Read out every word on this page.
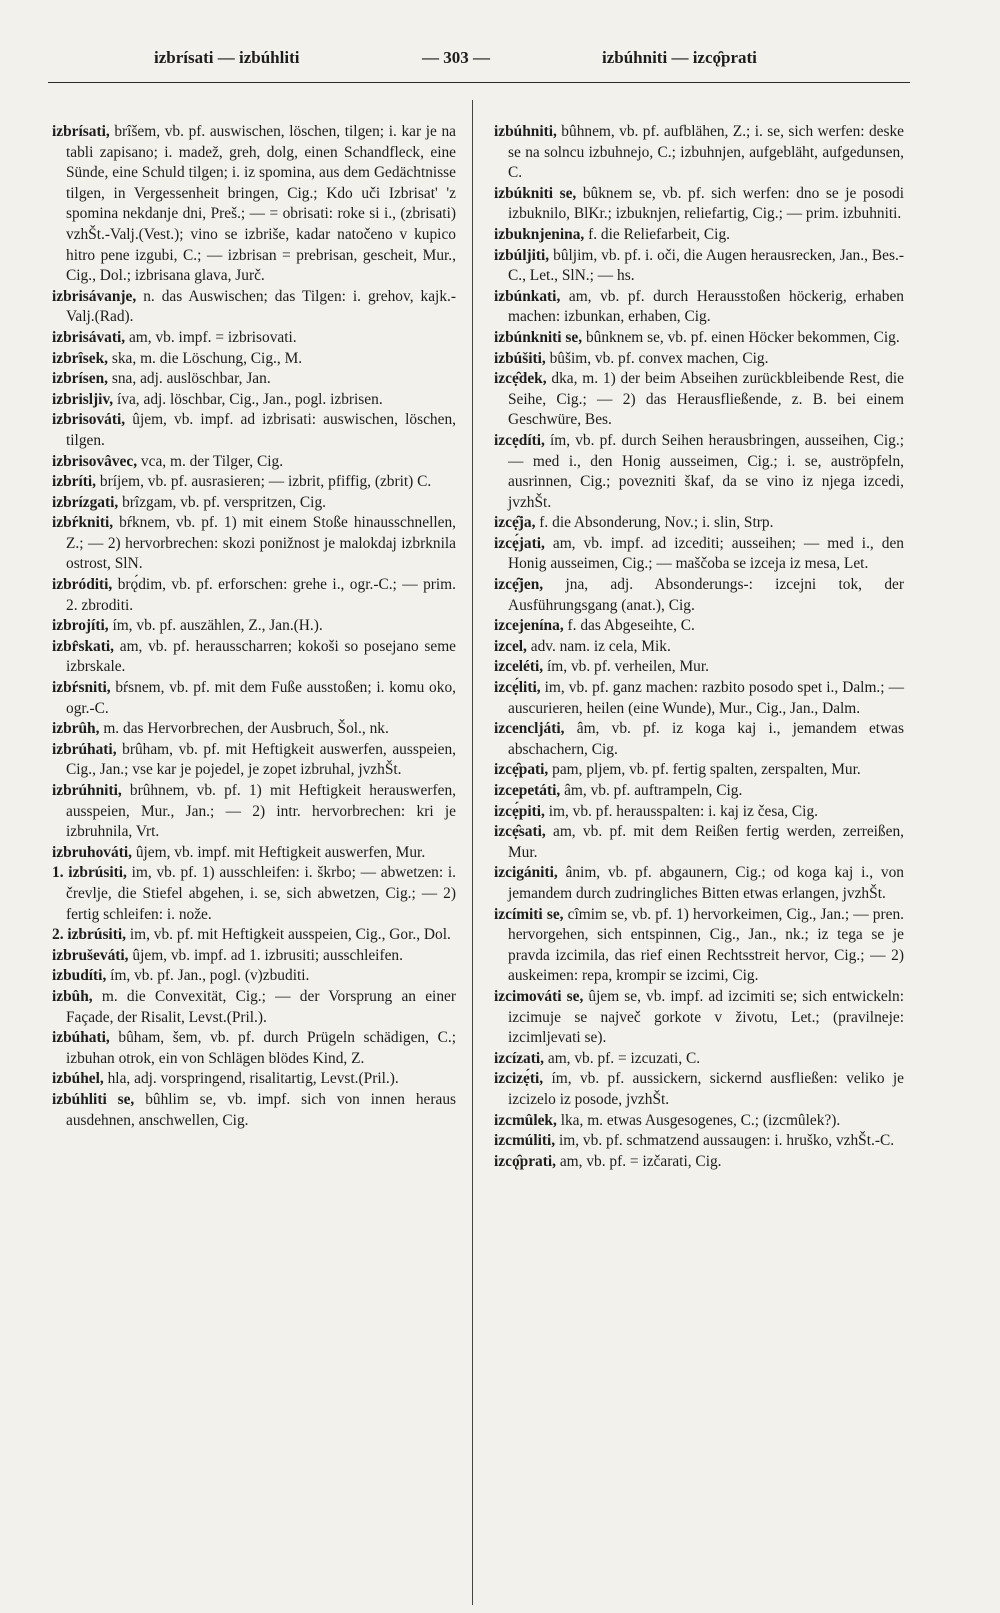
izbrísati — izbúhliti	— 303 —	izbúhniti — izcǫ̑prati

izbrísati, brîšem, vb. pf. auswischen, löschen, tilgen; i. kar je na tabli zapisano; i. madež, greh, dolg, einen Schandfleck, eine Sünde, eine Schuld tilgen; i. iz spomina, aus dem Gedächtnisse tilgen, in Vergessenheit bringen, Cig.; Kdo uči Izbrisat' 'z spomina nekdanje dni, Preš.; — = obrisati: roke si i., (zbrisati) vzhŠt.-Valj.(Vest.); vino se izbriše, kadar natočeno v kupico hitro pene izgubi, C.; — izbrisan = prebrisan, gescheit, Mur., Cig., Dol.; izbrisana glava, Jurč.

izbrisávanje, n. das Auswischen; das Tilgen: i. grehov, kajk.-Valj.(Rad).

izbrisávati, am, vb. impf. = izbrisovati.

izbrîsek, ska, m. die Löschung, Cig., M.

izbrísen, sna, adj. auslöschbar, Jan.

izbrisljiv, íva, adj. löschbar, Cig., Jan., pogl. izbrisen.

izbrisováti, ûjem, vb. impf. ad izbrisati: auswischen, löschen, tilgen.

izbrisovâvec, vca, m. der Tilger, Cig.

izbríti, bríjem, vb. pf. ausrasieren; — izbrit, pfiffig, (zbrit) C.

izbrízgati, brîzgam, vb. pf. verspritzen, Cig.

izbŕkniti, bŕknem, vb. pf. 1) mit einem Stoße hinausschnellen, Z.; — 2) hervorbrechen: skozi ponižnost je malokdaj izbrknila ostrost, SlN.

izbróditi, brǫ́dim, vb. pf. erforschen: grehe i., ogr.-C.; — prim. 2. zbroditi.

izbrojíti, ím, vb. pf. auszählen, Z., Jan.(H.).

izbr̂skati, am, vb. pf. herausscharren; kokoši so posejano seme izbrskale.

izbŕsniti, bŕsnem, vb. pf. mit dem Fuße ausstoßen; i. komu oko, ogr.-C.

izbrûh, m. das Hervorbrechen, der Ausbruch, Šol., nk.

izbrúhati, brûham, vb. pf. mit Heftigkeit auswerfen, ausspeien, Cig., Jan.; vse kar je pojedel, je zopet izbruhal, jvzhŠt.

izbrúhniti, brûhnem, vb. pf. 1) mit Heftigkeit herauswerfen, ausspeien, Mur., Jan.; — 2) intr. hervorbrechen: kri je izbruhnila, Vrt.

izbruhováti, ûjem, vb. impf. mit Heftigkeit auswerfen, Mur.

1. izbrúsiti, im, vb. pf. 1) ausschleifen: i. škrbo; — abwetzen: i. črevlje, die Stiefel abgehen, i. se, sich abwetzen, Cig.; — 2) fertig schleifen: i. nože.

2. izbrúsiti, im, vb. pf. mit Heftigkeit ausspeien, Cig., Gor., Dol.

izbruševáti, ûjem, vb. impf. ad 1. izbrusiti; ausschleifen.

izbudíti, ím, vb. pf. Jan., pogl. (v)zbuditi.

izbûh, m. die Convexität, Cig.; — der Vorsprung an einer Façade, der Risalit, Levst.(Pril.).

izbúhati, bûham, šem, vb. pf. durch Prügeln schädigen, C.; izbuhan otrok, ein von Schlägen blödes Kind, Z.

izbúhel, hla, adj. vorspringend, risalitartig, Levst.(Pril.).

izbúhliti se, bûhlim se, vb. impf. sich von innen heraus ausdehnen, anschwellen, Cig.

izbúhniti, bûhnem, vb. pf. aufblähen, Z.; i. se, sich werfen: deske se na solncu izbuhnejo, C.; izbuhnjen, aufgebläht, aufgedunsen, C.

izbúkniti se, bûknem se, vb. pf. sich werfen: dno se je posodi izbuknilo, BlKr.; izbuknjen, reliefartig, Cig.; — prim. izbuhniti.

izbuknjenina, f. die Reliefarbeit, Cig.

izbúljiti, bûljim, vb. pf. i. oči, die Augen herausrecken, Jan., Bes.-C., Let., SlN.; — hs.

izbúnkati, am, vb. pf. durch Herausstoßen höckerig, erhaben machen: izbunkan, erhaben, Cig.

izbúnkniti se, bûnknem se, vb. pf. einen Höcker bekommen, Cig.

izbúšiti, bûšim, vb. pf. convex machen, Cig.

izcẹ̑dek, dka, m. 1) der beim Abseihen zurückbleibende Rest, die Seihe, Cig.; — 2) das Herausfließende, z. B. bei einem Geschwüre, Bes.

izcẹdíti, ím, vb. pf. durch Seihen herausbringen, ausseihen, Cig.; — med i., den Honig ausseimen, Cig.; i. se, auströpfeln, ausrinnen, Cig.; povezniti škaf, da se vino iz njega izcedi, jvzhŠt.

izcẹ̑ja, f. die Absonderung, Nov.; i. slin, Strp.

izcẹ́jati, am, vb. impf. ad izcediti; ausseihen; — med i., den Honig ausseimen, Cig.; — maščoba se izceja iz mesa, Let.

izcẹ̑jen, jna, adj. Absonderungs-: izcejni tok, der Ausführungsgang (anat.), Cig.

izcejenína, f. das Abgeseihte, C.

izcel, adv. nam. iz cela, Mik.

izceléti, ím, vb. pf. verheilen, Mur.

izcẹ́liti, im, vb. pf. ganz machen: razbito posodo spet i., Dalm.; — auscurieren, heilen (eine Wunde), Mur., Cig., Jan., Dalm.

izcencljáti, âm, vb. pf. iz koga kaj i., jemandem etwas abschachern, Cig.

izcẹ̑pati, pam, pljem, vb. pf. fertig spalten, zerspalten, Mur.

izcepetáti, âm, vb. pf. auftrampeln, Cig.

izcẹ́piti, im, vb. pf. herausspalten: i. kaj iz česa, Cig.

izcẹ̑sati, am, vb. pf. mit dem Reißen fertig werden, zerreißen, Mur.

izcigániti, ânim, vb. pf. abgaunern, Cig.; od koga kaj i., von jemandem durch zudringliches Bitten etwas erlangen, jvzhŠt.

izcímiti se, cîmim se, vb. pf. 1) hervorkeimen, Cig., Jan.; — pren. hervorgehen, sich entspinnen, Cig., Jan., nk.; iz tega se je pravda izcimila, das rief einen Rechtsstreit hervor, Cig.; — 2) auskeimen: repa, krompir se izcimi, Cig.

izcimováti se, ûjem se, vb. impf. ad izcimiti se; sich entwickeln: izcimuje se največ gorkote v životu, Let.; (pravilneje: izcimljevati se).

izcízati, am, vb. pf. = izcuzati, C.

izcizẹ́ti, ím, vb. pf. aussickern, sickernd ausfließen: veliko je izcizelo iz posode, jvzhŠt.

izcmûlek, lka, m. etwas Ausgesogenes, C.; (izcmûlek?).

izcmúliti, im, vb. pf. schmatzend aussaugen: i. hruško, vzhŠt.-C.

izcǫ̑prati, am, vb. pf. = izčarati, Cig.
